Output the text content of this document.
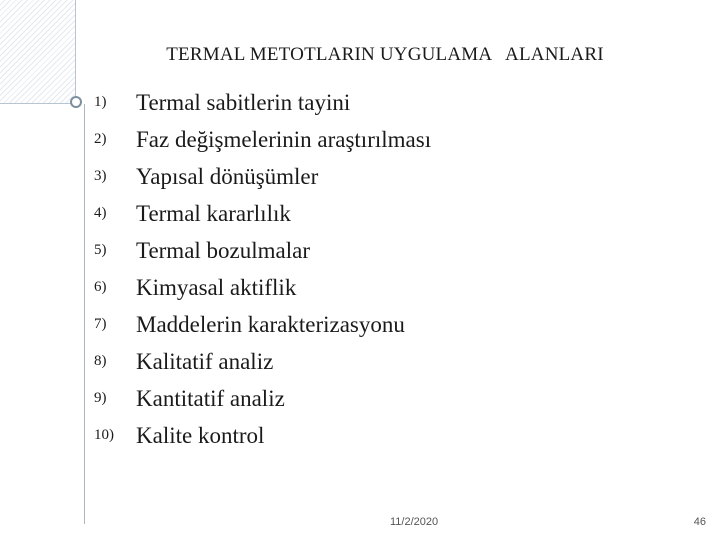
TERMAL METOTLARIN UYGULAMA   ALANLARI
1)	Termal sabitlerin tayini
2)	Faz değişmelerinin araştırılması
3)	Yapısal dönüşümler
4)	Termal kararlılık
5)	Termal bozulmalar
6)	Kimyasal aktiflik
7)	Maddelerin karakterizasyonu
8)	Kalitatif analiz
9)	Kantitatif analiz
10) Kalite kontrol
11/2/2020	46
